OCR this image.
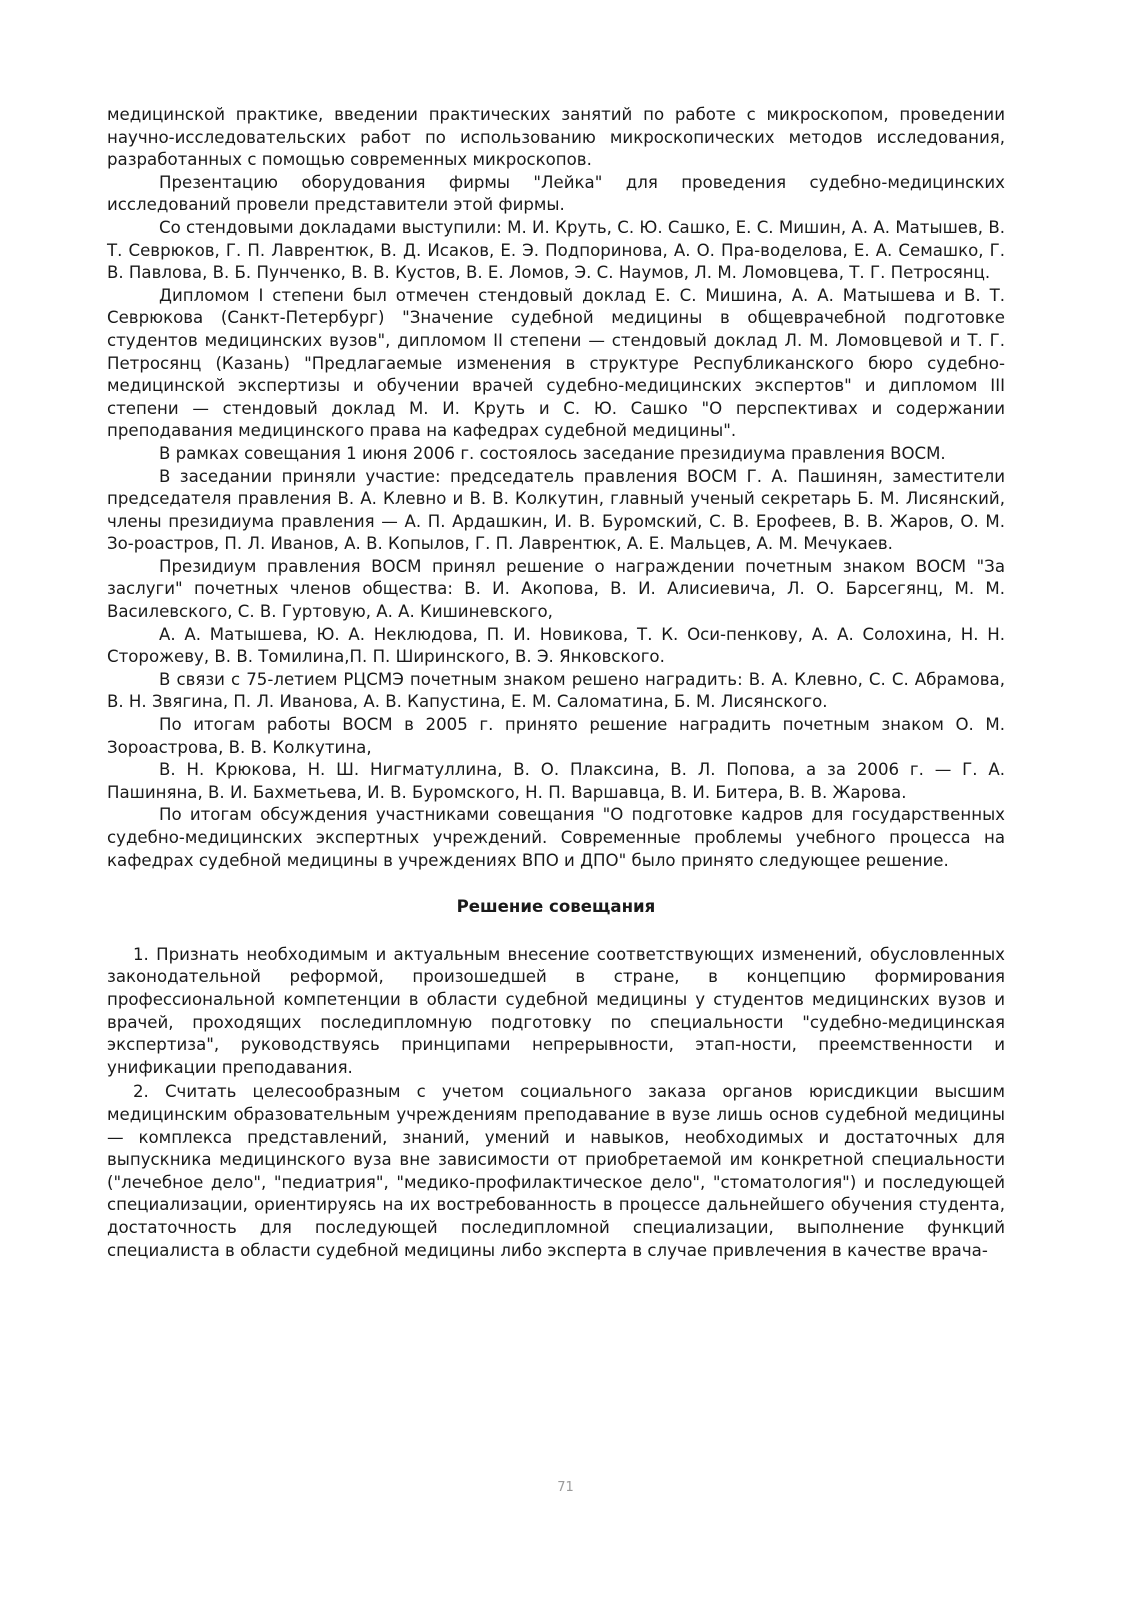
медицинской практике, введении практических занятий по работе с микроскопом, проведении научно-исследовательских работ по использованию микроскопических методов исследования, разработанных с помощью современных микроскопов.

Презентацию оборудования фирмы "Лейка" для проведения судебно-медицинских исследований провели представители этой фирмы.

Со стендовыми докладами выступили: М. И. Круть, С. Ю. Сашко, Е. С. Мишин, А. А. Матышев, В. Т. Севрюков, Г. П. Лаврентюк, В. Д. Исаков, Е. Э. Подпоринова, А. О. Пра-воделова, Е. А. Семашко, Г. В. Павлова, В. Б. Пунченко, В. В. Кустов, В. Е. Ломов, Э. С. Наумов, Л. М. Ломовцева, Т. Г. Петросянц.

Дипломом I степени был отмечен стендовый доклад Е. С. Мишина, А. А. Матышева и В. Т. Севрюкова (Санкт-Петербург) "Значение судебной медицины в общеврачебной подготовке студентов медицинских вузов", дипломом II степени — стендовый доклад Л. М. Ломовцевой и Т. Г. Петросянц (Казань) "Предлагаемые изменения в структуре Республиканского бюро судебно-медицинской экспертизы и обучении врачей судебно-медицинских экспертов" и дипломом III степени — стендовый доклад М. И. Круть и С. Ю. Сашко "О перспективах и содержании преподавания медицинского права на кафедрах судебной медицины".

В рамках совещания 1 июня 2006 г. состоялось заседание президиума правления ВОСМ.

В заседании приняли участие: председатель правления ВОСМ Г. А. Пашинян, заместители председателя правления В. А. Клевно и В. В. Колкутин, главный ученый секретарь Б. М. Лисянский, члены президиума правления — А. П. Ардашкин, И. В. Буромский, С. В. Ерофеев, В. В. Жаров, О. М. Зо-роастров, П. Л. Иванов, А. В. Копылов, Г. П. Лаврентюк, А. Е. Мальцев, А. М. Мечукаев.

Президиум правления ВОСМ принял решение о награждении почетным знаком ВОСМ "За заслуги" почетных членов общества: В. И. Акопова, В. И. Алисиевича, Л. О. Барсегянц, М. М. Василевского, С. В. Гуртовую, А. А. Кишиневского,

А. А. Матышева, Ю. А. Неклюдова, П. И. Новикова, Т. К. Оси-пенкову, А. А. Солохина, Н. Н. Сторожеву, В. В. Томилина,П. П. Ширинского, В. Э. Янковского.

В связи с 75-летием РЦСМЭ почетным знаком решено наградить: В. А. Клевно, С. С. Абрамова, В. Н. Звягина, П. Л. Иванова, А. В. Капустина, Е. М. Саломатина, Б. М. Лисянского.

По итогам работы ВОСМ в 2005 г. принято решение наградить почетным знаком О. М. Зороастрова, В. В. Колкутина,

В. Н. Крюкова, Н. Ш. Нигматуллина, В. О. Плаксина, В. Л. Попова, а за 2006 г. — Г. А. Пашиняна, В. И. Бахметьева, И. В. Буромского, Н. П. Варшавца, В. И. Битера, В. В. Жарова.

По итогам обсуждения участниками совещания "О подготовке кадров для государственных судебно-медицинских экспертных учреждений. Современные проблемы учебного процесса на кафедрах судебной медицины в учреждениях ВПО и ДПО" было принято следующее решение.

Решение совещания

1. Признать необходимым и актуальным внесение соответствующих изменений, обусловленных законодательной реформой, произошедшей в стране, в концепцию формирования профессиональной компетенции в области судебной медицины у студентов медицинских вузов и врачей, проходящих последипломную подготовку по специальности "судебно-медицинская экспертиза", руководствуясь принципами непрерывности, этап-ности, преемственности и унификации преподавания.

2. Считать целесообразным с учетом социального заказа органов юрисдикции высшим медицинским образовательным учреждениям преподавание в вузе лишь основ судебной медицины — комплекса представлений, знаний, умений и навыков, необходимых и достаточных для выпускника медицинского вуза вне зависимости от приобретаемой им конкретной специальности ("лечебное дело", "педиатрия", "медико-профилактическое дело", "стоматология") и последующей специализации, ориентируясь на их востребованность в процессе дальнейшего обучения студента, достаточность для последующей последипломной специализации, выполнение функций специалиста в области судебной медицины либо эксперта в случае привлечения в качестве врача-

71
